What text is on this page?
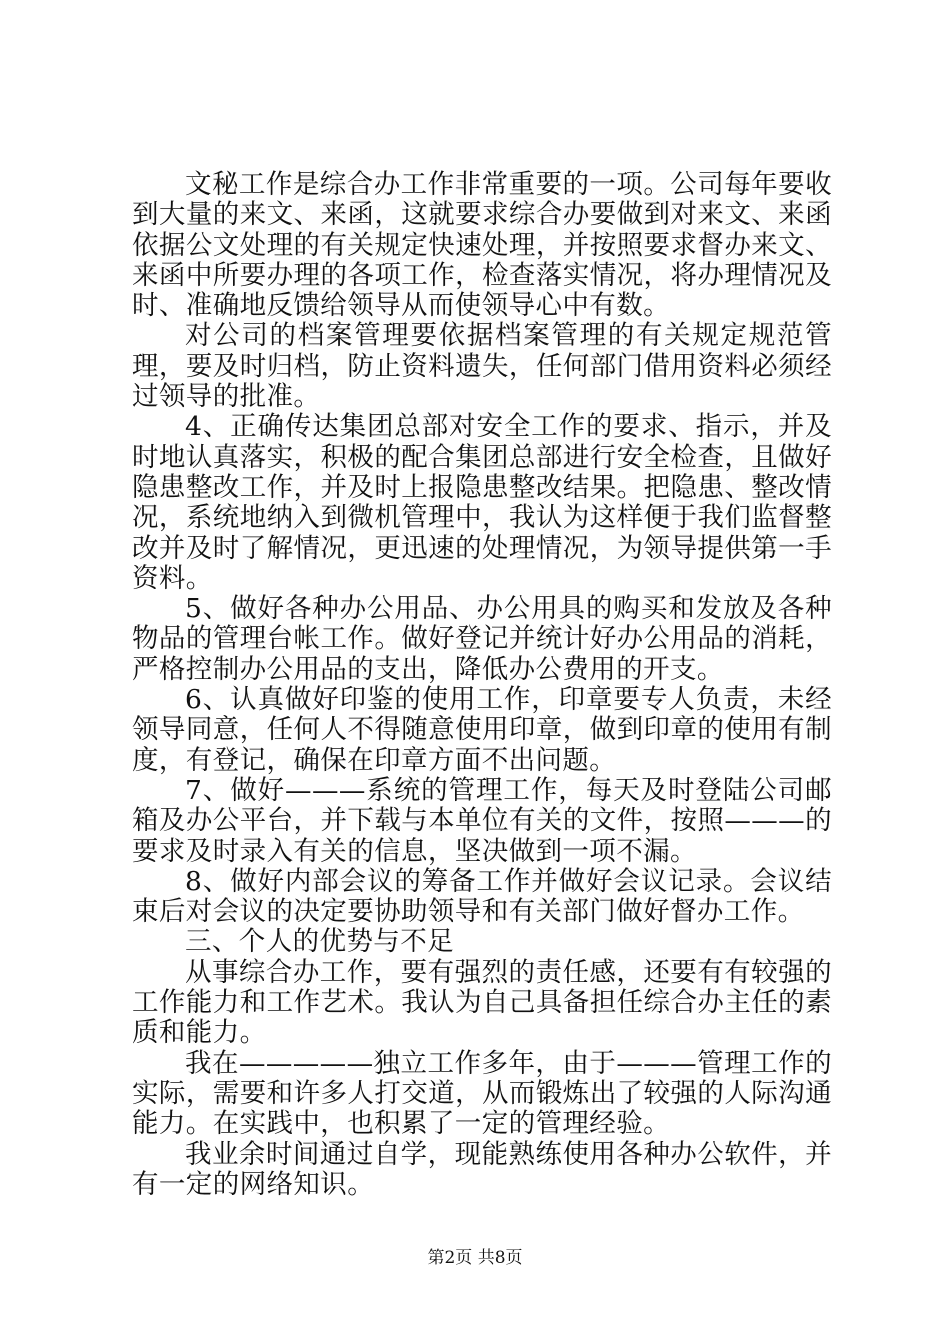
文秘工作是综合办工作非常重要的一项。公司每年要收到大量的来文、来函，这就要求综合办要做到对来文、来函依据公文处理的有关规定快速处理，并按照要求督办来文、来函中所要办理的各项工作，检查落实情况，将办理情况及时、准确地反馈给领导从而使领导心中有数。

对公司的档案管理要依据档案管理的有关规定规范管理，要及时归档，防止资料遗失，任何部门借用资料必须经过领导的批准。

4、正确传达集团总部对安全工作的要求、指示，并及时地认真落实，积极的配合集团总部进行安全检查，且做好隐患整改工作，并及时上报隐患整改结果。把隐患、整改情况，系统地纳入到微机管理中，我认为这样便于我们监督整改并及时了解情况，更迅速的处理情况，为领导提供第一手资料。

5、做好各种办公用品、办公用具的购买和发放及各种物品的管理台帐工作。做好登记并统计好办公用品的消耗，严格控制办公用品的支出，降低办公费用的开支。

6、认真做好印鉴的使用工作，印章要专人负责，未经领导同意，任何人不得随意使用印章，做到印章的使用有制度，有登记，确保在印章方面不出问题。

7、做好———系统的管理工作，每天及时登陆公司邮箱及办公平台，并下载与本单位有关的文件，按照———的要求及时录入有关的信息，坚决做到一项不漏。

8、做好内部会议的筹备工作并做好会议记录。会议结束后对会议的决定要协助领导和有关部门做好督办工作。

三、个人的优势与不足

从事综合办工作，要有强烈的责任感，还要有有较强的工作能力和工作艺术。我认为自己具备担任综合办主任的素质和能力。

我在—————独立工作多年，由于———管理工作的实际，需要和许多人打交道，从而锻炼出了较强的人际沟通能力。在实践中，也积累了一定的管理经验。

我业余时间通过自学，现能熟练使用各种办公软件，并有一定的网络知识。

第2页 共8页
